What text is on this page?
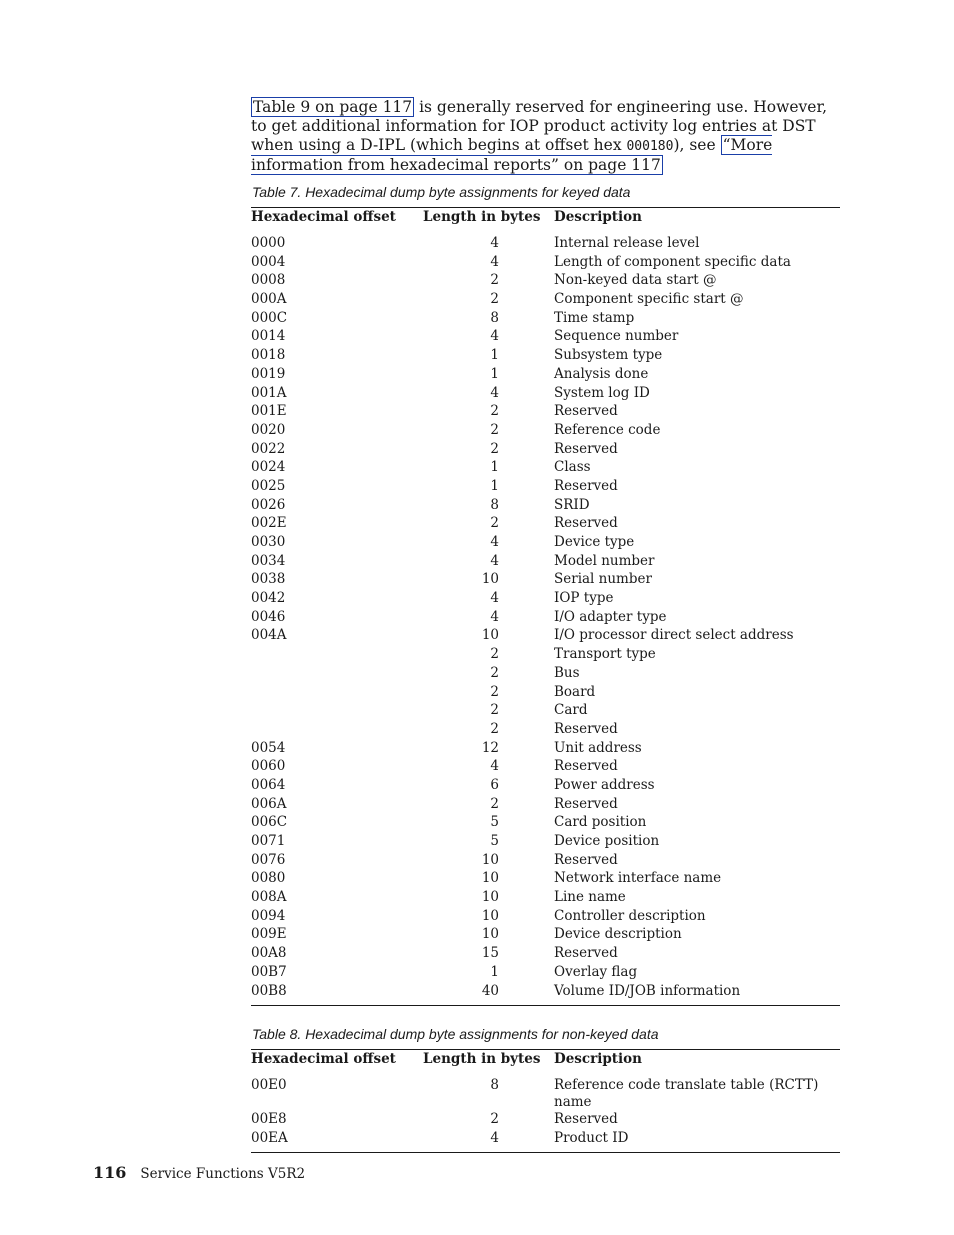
Table 9 on page 117 is generally reserved for engineering use. However, to get additional information for IOP product activity log entries at DST when using a D-IPL (which begins at offset hex 000180), see “More information from hexadecimal reports” on page 117

Table 7. Hexadecimal dump byte assignments for keyed data
Hexadecimal offset	Length in bytes	Description
0000	4	Internal release level
0004	4	Length of component specific data
0008	2	Non-keyed data start @
000A	2	Component specific start @
000C	8	Time stamp
0014	4	Sequence number
0018	1	Subsystem type
0019	1	Analysis done
001A	4	System log ID
001E	2	Reserved
0020	2	Reference code
0022	2	Reserved
0024	1	Class
0025	1	Reserved
0026	8	SRID
002E	2	Reserved
0030	4	Device type
0034	4	Model number
0038	10	Serial number
0042	4	IOP type
0046	4	I/O adapter type
004A	10	I/O processor direct select address
	2	Transport type
	2	Bus
	2	Board
	2	Card
	2	Reserved
0054	12	Unit address
0060	4	Reserved
0064	6	Power address
006A	2	Reserved
006C	5	Card position
0071	5	Device position
0076	10	Reserved
0080	10	Network interface name
008A	10	Line name
0094	10	Controller description
009E	10	Device description
00A8	15	Reserved
00B7	1	Overlay flag
00B8	40	Volume ID/JOB information
Table 8. Hexadecimal dump byte assignments for non-keyed data
Hexadecimal offset	Length in bytes	Description
00E0	8	Reference code translate table (RCTT) name
00E8	2	Reserved
00EA	4	Product ID
116 Service Functions V5R2
